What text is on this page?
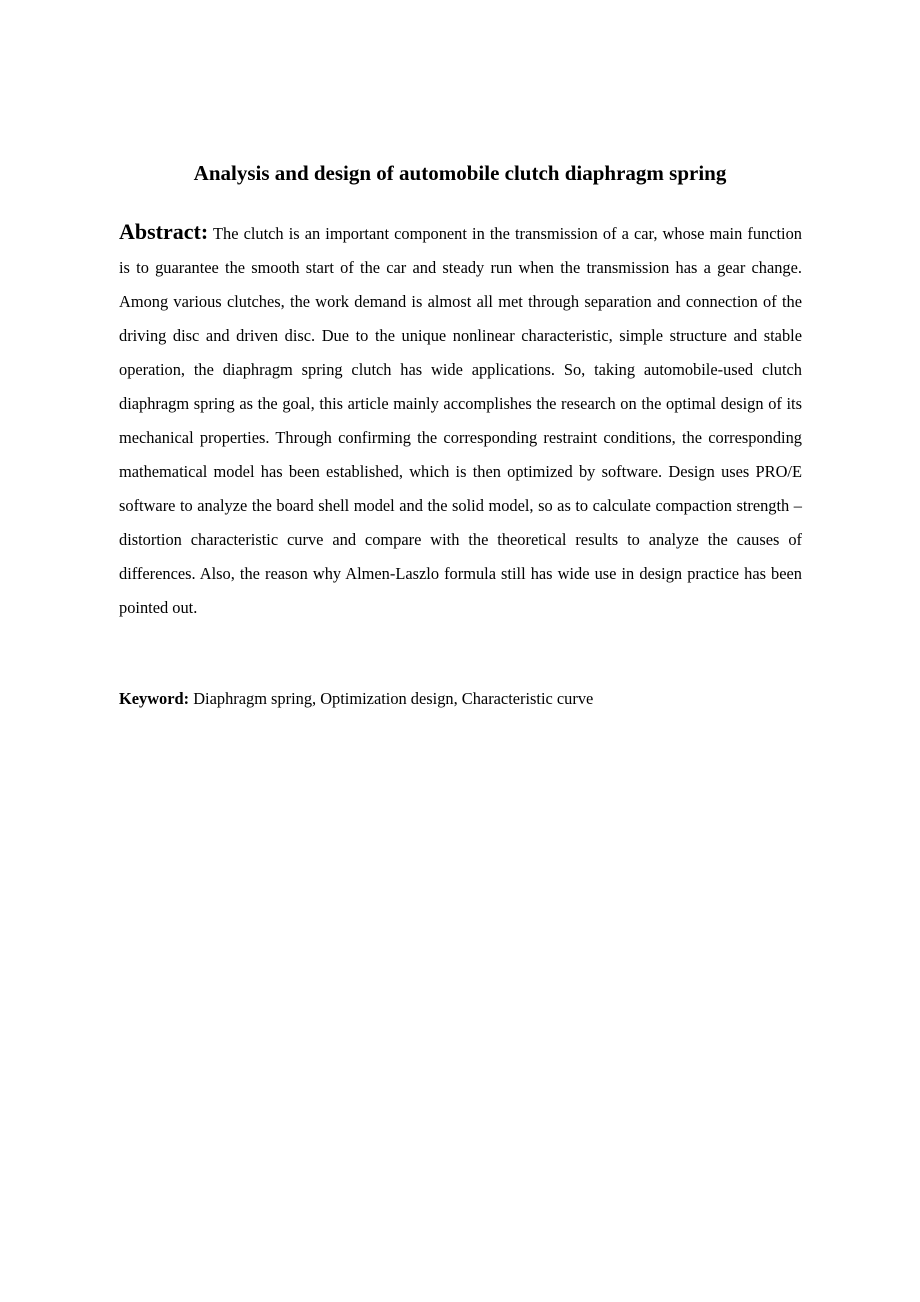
Analysis and design of automobile clutch diaphragm spring

Abstract: The clutch is an important component in the transmission of a car, whose main function is to guarantee the smooth start of the car and steady run when the transmission has a gear change. Among various clutches, the work demand is almost all met through separation and connection of the driving disc and driven disc. Due to the unique nonlinear characteristic, simple structure and stable operation, the diaphragm spring clutch has wide applications. So, taking automobile-used clutch diaphragm spring as the goal, this article mainly accomplishes the research on the optimal design of its mechanical properties. Through confirming the corresponding restraint conditions, the corresponding mathematical model has been established, which is then optimized by software. Design uses PRO/E software to analyze the board shell model and the solid model, so as to calculate compaction strength – distortion characteristic curve and compare with the theoretical results to analyze the causes of differences. Also, the reason why Almen-Laszlo formula still has wide use in design practice has been pointed out.

Keyword: Diaphragm spring, Optimization design, Characteristic curve
